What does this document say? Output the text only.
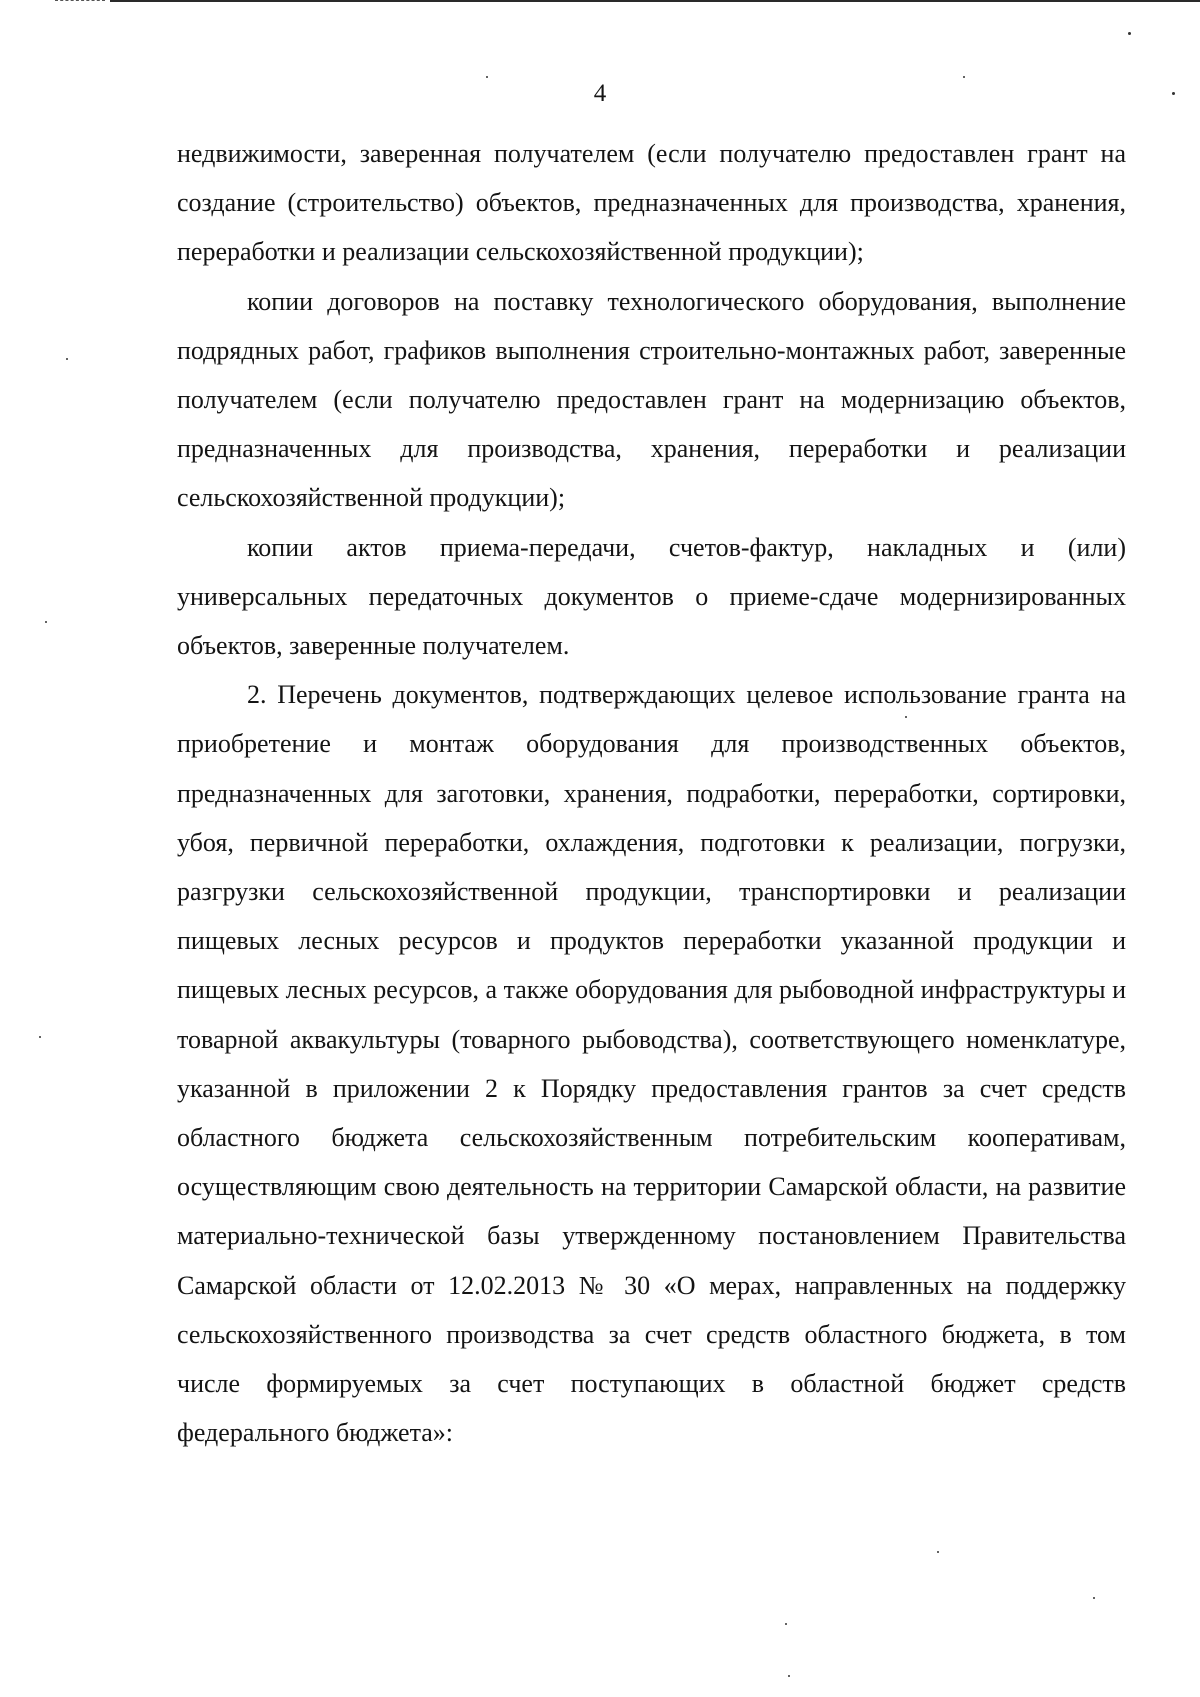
4

недвижимости, заверенная получателем (если получателю предоставлен грант на создание (строительство) объектов, предназначенных для производства, хранения, переработки и реализации сельскохозяйственной продукции);

копии договоров на поставку технологического оборудования, выполнение подрядных работ, графиков выполнения строительно-монтажных работ, заверенные получателем (если получателю предоставлен грант на модернизацию объектов, предназначенных для производства, хранения, переработки и реализации сельскохозяйственной продукции);

копии актов приема-передачи, счетов-фактур, накладных и (или) универсальных передаточных документов о приеме-сдаче модернизированных объектов, заверенные получателем.

2. Перечень документов, подтверждающих целевое использование гранта на приобретение и монтаж оборудования для производственных объектов, предназначенных для заготовки, хранения, подработки, переработки, сортировки, убоя, первичной переработки, охлаждения, подготовки к реализации, погрузки, разгрузки сельскохозяйственной продукции, транспортировки и реализации пищевых лесных ресурсов и продуктов переработки указанной продукции и пищевых лесных ресурсов, а также оборудования для рыбоводной инфраструктуры и товарной аквакультуры (товарного рыбоводства), соответствующего номенклатуре, указанной в приложении 2 к Порядку предоставления грантов за счет средств областного бюджета сельскохозяйственным потребительским кооперативам, осуществляющим свою деятельность на территории Самарской области, на развитие материально-технической базы утвержденному постановлением Правительства Самарской области от 12.02.2013 № 30 «О мерах, направленных на поддержку сельскохозяйственного производства за счет средств областного бюджета, в том числе формируемых за счет поступающих в областной бюджет средств федерального бюджета»:
